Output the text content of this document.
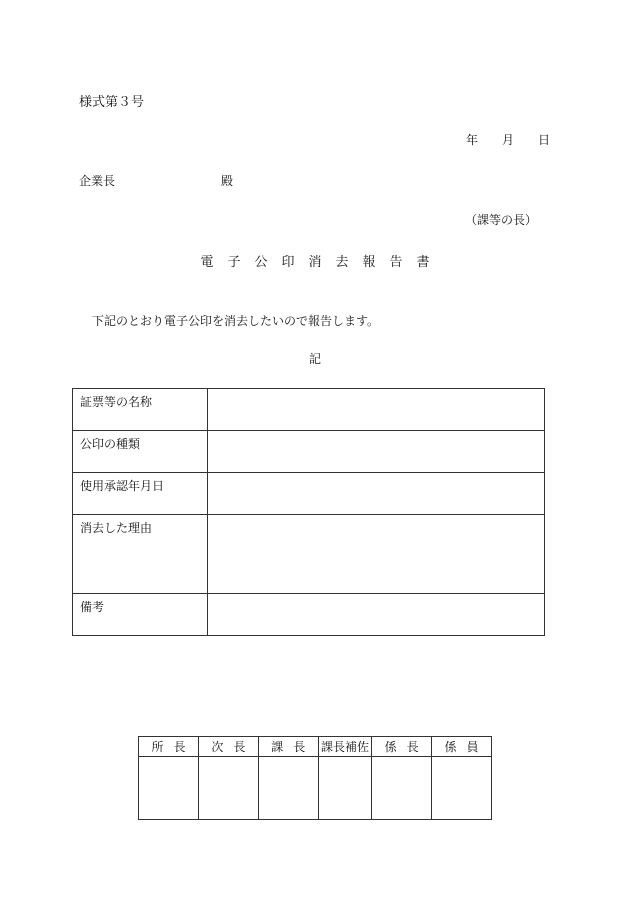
様式第３号
年 月 日
企業長	殿
（課等の長）
電子公印消去報告書
下記のとおり電子公印を消去したいので報告します。
記
証票等の名称	
公印の種類	
使用承認年月日	
消去した理由	
備考	
所長	次長	課長	課長補佐	係長	係員
